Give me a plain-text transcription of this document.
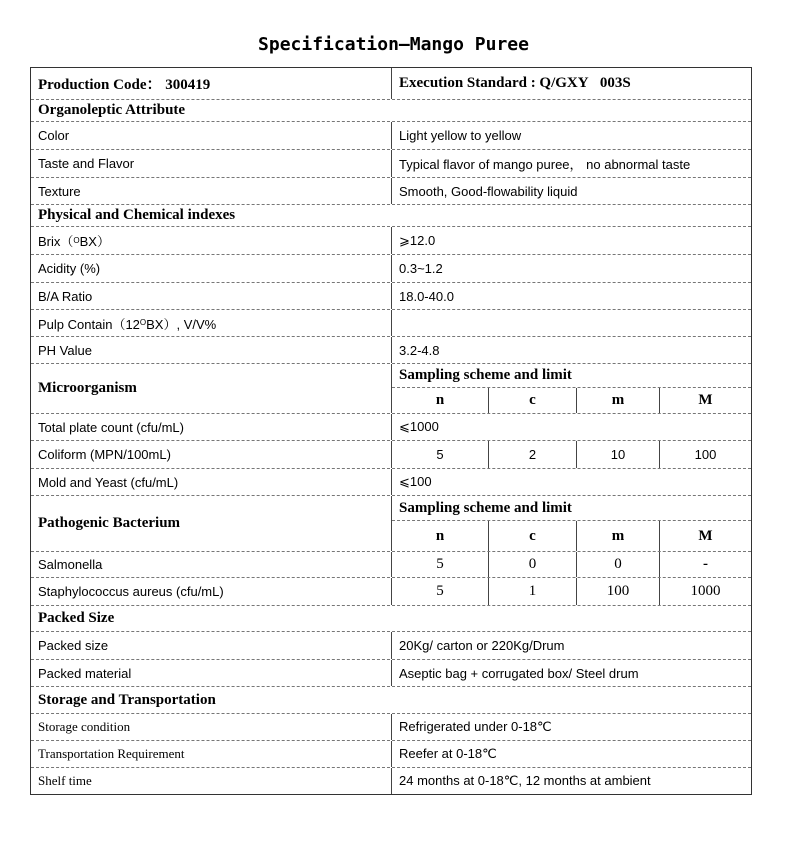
Specification—Mango Puree
Production Code： 300419	Execution Standard : Q/GXY   003S
Organoleptic Attribute
Color	Light yellow to yellow
Taste and Flavor	Typical flavor of mango puree， no abnormal taste
Texture	Smooth, Good-flowability liquid
Physical and Chemical indexes
Brix（ O BX）	⩾12.0
Acidity (%)	0.3~1.2
B/A Ratio	18.0-40.0
Pulp Contain（12 O BX）, V/V%
PH Value	3.2-4.8
Microorganism
Sampling scheme and limit
n	c	m	M
Total plate count (cfu/mL)	⩽1000
Coliform (MPN/100mL)	5	2	10	100
Mold and Yeast (cfu/mL)	⩽100
Pathogenic Bacterium
Sampling scheme and limit
n	c	m	M
Salmonella	5	0	0	-
Staphylococcus aureus (cfu/mL)	5	1	100	1000
Packed Size
Packed size	20Kg/ carton or 220Kg/Drum
Packed material	Aseptic bag + corrugated box/ Steel drum
Storage and Transportation
Storage condition	Refrigerated under 0-18℃
Transportation Requirement	Reefer at 0-18℃
Shelf time	24 months at 0-18℃, 12 months at ambient
